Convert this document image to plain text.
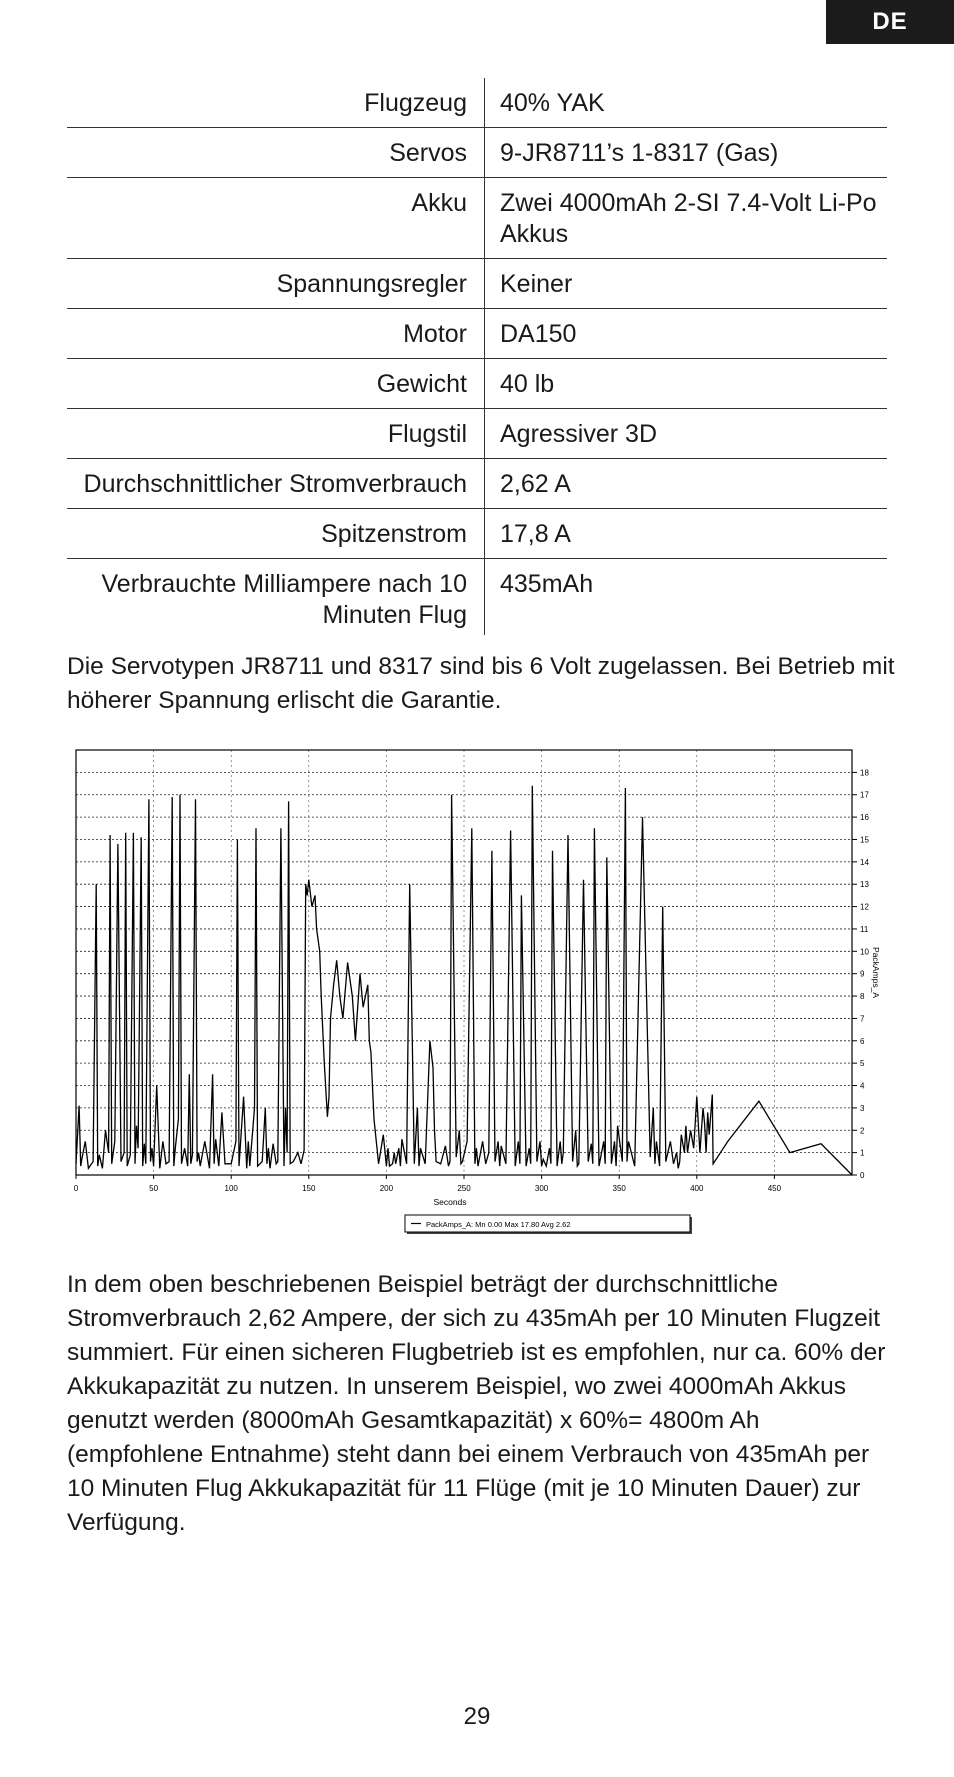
DE
Flugzeug	40% YAK
Servos	9-JR8711’s 1-8317 (Gas)
Akku	Zwei 4000mAh 2-SI 7.4-Volt Li-Po Akkus
Spannungsregler	Keiner
Motor	DA150
Gewicht	40 lb
Flugstil	Agressiver 3D
Durchschnittlicher Stromverbrauch	2,62 A
Spitzenstrom	17,8 A
Verbrauchte Milliampere nach 10 Minuten Flug	435mAh
Die Servotypen JR8711 und 8317 sind bis 6 Volt zugelassen. Bei Betrieb mit höherer Spannung erlischt die Garantie.
0	50	100	150	200	250	300	350	400	450
0
1
2
3
4
5
6
7
8
9
10
11
12
13
14
15
16
17
18
Seconds
PackAmps_A
PackAmps_A: Mn 0.00 Max 17.80 Avg 2.62
In dem oben beschriebenen Beispiel beträgt der durchschnittliche Stromverbrauch 2,62 Ampere, der sich zu 435mAh per 10 Minuten Flugzeit summiert. Für einen sicheren Flugbetrieb ist es empfohlen, nur ca. 60% der Akkukapazität zu nutzen. In unserem Beispiel, wo zwei 4000mAh Akkus genutzt werden (8000mAh Gesamtkapazität) x 60%= 4800m Ah (empfohlene Entnahme) steht dann bei einem Verbrauch von 435mAh per 10 Minuten Flug Akkukapazität für 11 Flüge (mit je 10 Minuten Dauer) zur Verfügung.
29
